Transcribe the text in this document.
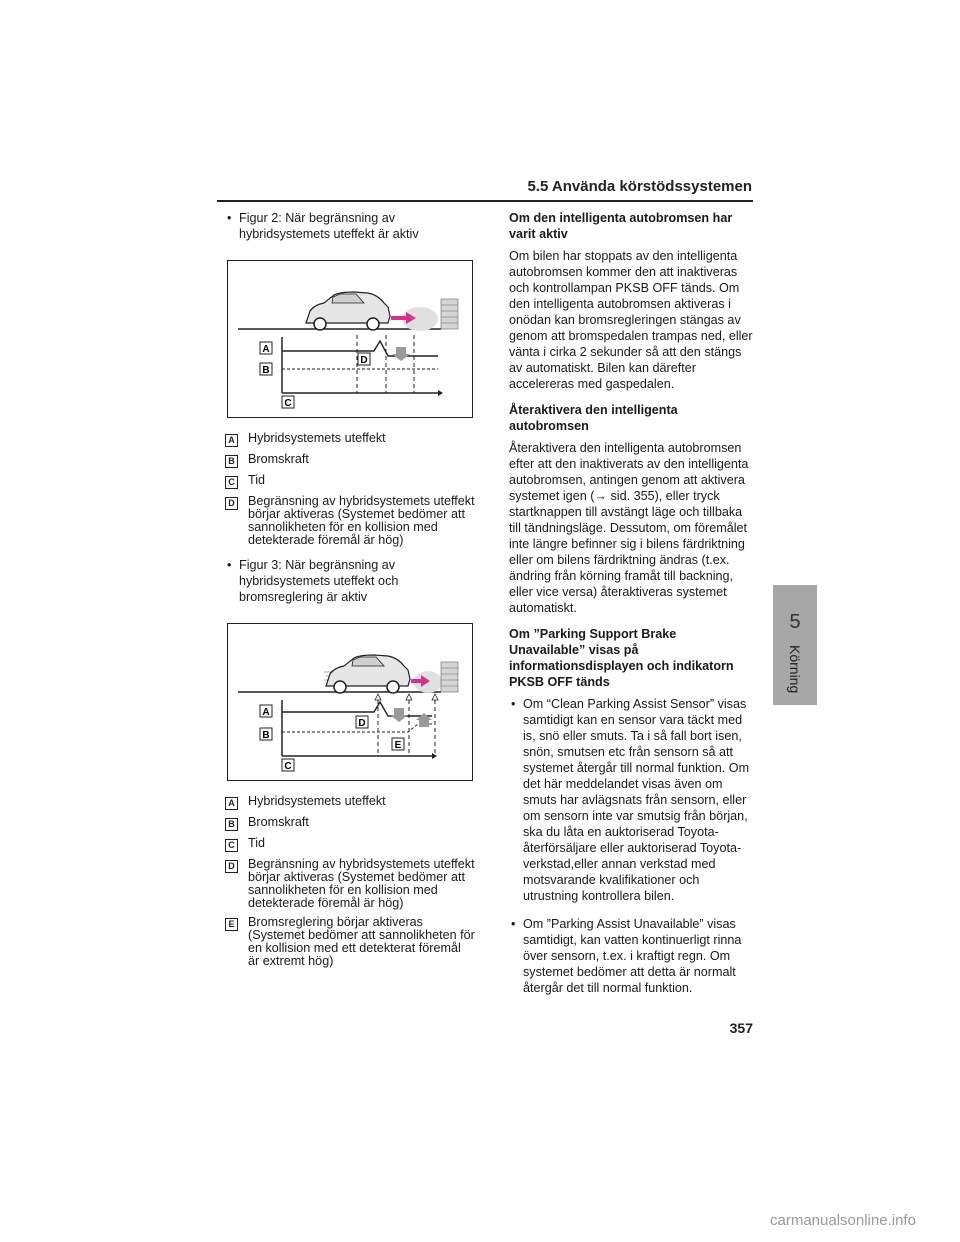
5.5 Använda körstödssystemen
5
Körning
• Figur 2: När begränsning av hybridsystemets uteffekt är aktiv
A
B
C
D
A Hybridsystemets uteffekt
B Bromskraft
C Tid
D Begränsning av hybridsystemets uteffekt börjar aktiveras (Systemet bedömer att sannolikheten för en kollision med detekterade föremål är hög)
• Figur 3: När begränsning av hybridsystemets uteffekt och bromsreglering är aktiv
A
B
C
D
E
A Hybridsystemets uteffekt
B Bromskraft
C Tid
D Begränsning av hybridsystemets uteffekt börjar aktiveras (Systemet bedömer att sannolikheten för en kollision med detekterade föremål är hög)
E Bromsreglering börjar aktiveras (Systemet bedömer att sannolikheten för en kollision med ett detekterat föremål är extremt hög)
Om den intelligenta autobromsen har varit aktiv
Om bilen har stoppats av den intelligenta autobromsen kommer den att inaktiveras och kontrollampan PKSB OFF tänds. Om den intelligenta autobromsen aktiveras i onödan kan bromsregleringen stängas av genom att bromspedalen trampas ned, eller vänta i cirka 2 sekunder så att den stängs av automatiskt. Bilen kan därefter accelereras med gaspedalen.
Återaktivera den intelligenta autobromsen
Återaktivera den intelligenta autobromsen efter att den inaktiverats av den intelligenta autobromsen, antingen genom att aktivera systemet igen (→ sid. 355), eller tryck startknappen till avstängt läge och tillbaka till tändningsläge. Dessutom, om föremålet inte längre befinner sig i bilens färdriktning eller om bilens färdriktning ändras (t.ex. ändring från körning framåt till backning, eller vice versa) återaktiveras systemet automatiskt.
Om ”Parking Support Brake Unavailable” visas på informationsdisplayen och indikatorn PKSB OFF tänds
• Om “Clean Parking Assist Sensor” visas samtidigt kan en sensor vara täckt med is, snö eller smuts. Ta i så fall bort isen, snön, smutsen etc från sensorn så att systemet återgår till normal funktion. Om det här meddelandet visas även om smuts har avlägsnats från sensorn, eller om sensorn inte var smutsig från början, ska du låta en auktoriserad Toyota-återförsäljare eller auktoriserad Toyota-verkstad,eller annan verkstad med motsvarande kvalifikationer och utrustning kontrollera bilen.
• Om ”Parking Assist Unavailable” visas samtidigt, kan vatten kontinuerligt rinna över sensorn, t.ex. i kraftigt regn. Om systemet bedömer att detta är normalt återgår det till normal funktion.
357
carmanualsonline.info
